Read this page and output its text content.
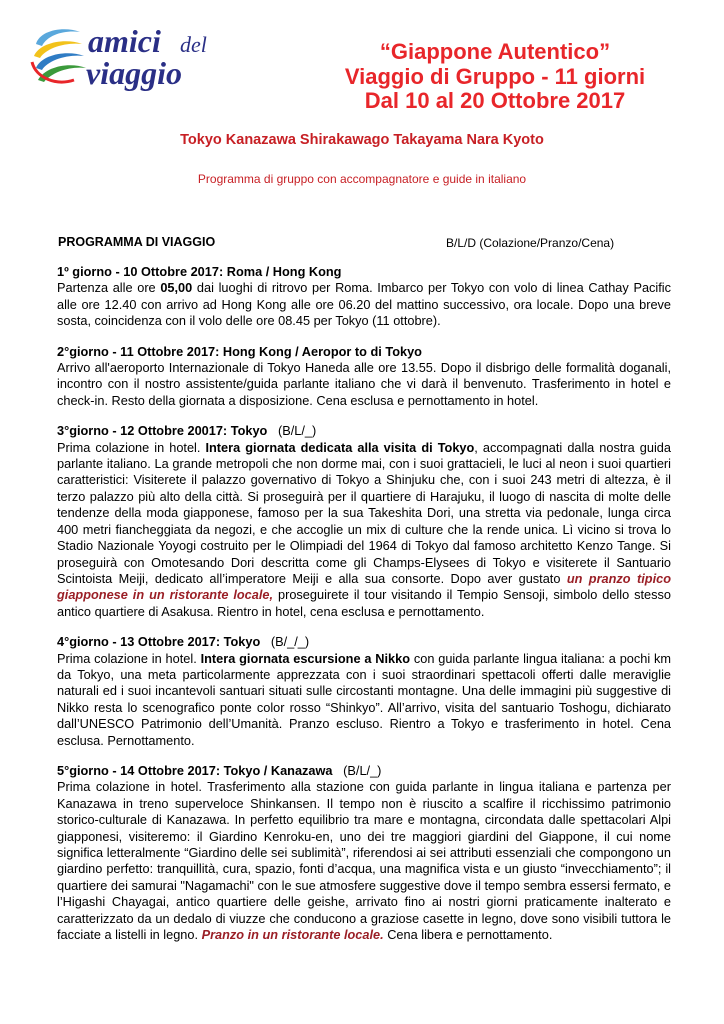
amici del
viaggio
“Giappone Autentico”
Viaggio di Gruppo - 11 giorni
Dal 10 al 20 Ottobre 2017
Tokyo Kanazawa Shirakawago Takayama Nara Kyoto
Programma di gruppo con accompagnatore e guide in italiano
PROGRAMMA DI VIAGGIO	B/L/D (Colazione/Pranzo/Cena)
1º giorno - 10 Ottobre 2017: Roma / Hong Kong

Partenza alle ore 05,00 dai luoghi di ritrovo per Roma. Imbarco per Tokyo con volo di linea Cathay Pacific alle ore 12.40 con arrivo ad Hong Kong alle ore 06.20 del mattino successivo, ora locale. Dopo una breve sosta, coincidenza con il volo delle ore 08.45 per Tokyo (11 ottobre).

2°giorno - 11 Ottobre 2017: Hong Kong / Aeropor to di Tokyo

Arrivo all'aeroporto Internazionale di Tokyo Haneda alle ore 13.55. Dopo il disbrigo delle formalità doganali, incontro con il nostro assistente/guida parlante italiano che vi darà il benvenuto. Trasferimento in hotel e check-in. Resto della giornata a disposizione. Cena esclusa e pernottamento in hotel.

3°giorno - 12 Ottobre 20017: Tokyo (B/L/_)

Prima colazione in hotel. Intera giornata dedicata alla visita di Tokyo, accompagnati dalla nostra guida parlante italiano. La grande metropoli che non dorme mai, con i suoi grattacieli, le luci al neon i suoi quartieri caratteristici: Visiterete il palazzo governativo di Tokyo a Shinjuku che, con i suoi 243 metri di altezza, è il terzo palazzo più alto della città. Si proseguirà per il quartiere di Harajuku, il luogo di nascita di molte delle tendenze della moda giapponese, famoso per la sua Takeshita Dori, una stretta via pedonale, lunga circa 400 metri fiancheggiata da negozi, e che accoglie un mix di culture che la rende unica. Lì vicino si trova lo Stadio Nazionale Yoyogi costruito per le Olimpiadi del 1964 di Tokyo dal famoso architetto Kenzo Tange. Si proseguirà con Omotesando Dori descritta come gli Champs-Elysees di Tokyo e visiterete il Santuario Scintoista Meiji, dedicato all’imperatore Meiji e alla sua consorte. Dopo aver gustato un pranzo tipico giapponese in un ristorante locale, proseguirete il tour visitando il Tempio Sensoji, simbolo dello stesso antico quartiere di Asakusa. Rientro in hotel, cena esclusa e pernottamento.

4°giorno - 13 Ottobre 2017: Tokyo (B/_/_)

Prima colazione in hotel. Intera giornata escursione a Nikko con guida parlante lingua italiana: a pochi km da Tokyo, una meta particolarmente apprezzata con i suoi straordinari spettacoli offerti dalle meraviglie naturali ed i suoi incantevoli santuari situati sulle circostanti montagne. Una delle immagini più suggestive di Nikko resta lo scenografico ponte color rosso “Shinkyo”. All’arrivo, visita del santuario Toshogu, dichiarato dall’UNESCO Patrimonio dell’Umanità. Pranzo escluso. Rientro a Tokyo e trasferimento in hotel. Cena esclusa. Pernottamento.

5°giorno - 14 Ottobre 2017: Tokyo / Kanazawa (B/L/_)

Prima colazione in hotel. Trasferimento alla stazione con guida parlante in lingua italiana e partenza per Kanazawa in treno superveloce Shinkansen. Il tempo non è riuscito a scalfire il ricchissimo patrimonio storico-culturale di Kanazawa. In perfetto equilibrio tra mare e montagna, circondata dalle spettacolari Alpi giapponesi, visiteremo: il Giardino Kenroku-en, uno dei tre maggiori giardini del Giappone, il cui nome significa letteralmente “Giardino delle sei sublimità”, riferendosi ai sei attributi essenziali che compongono un giardino perfetto: tranquillità, cura, spazio, fonti d’acqua, una magnifica vista e un giusto “invecchiamento”; il quartiere dei samurai "Nagamachi" con le sue atmosfere suggestive dove il tempo sembra essersi fermato, e l’Higashi Chayagai, antico quartiere delle geishe, arrivato fino ai nostri giorni praticamente inalterato e caratterizzato da un dedalo di viuzze che conducono a graziose casette in legno, dove sono visibili tuttora le facciate a listelli in legno. Pranzo in un ristorante locale. Cena libera e pernottamento.
